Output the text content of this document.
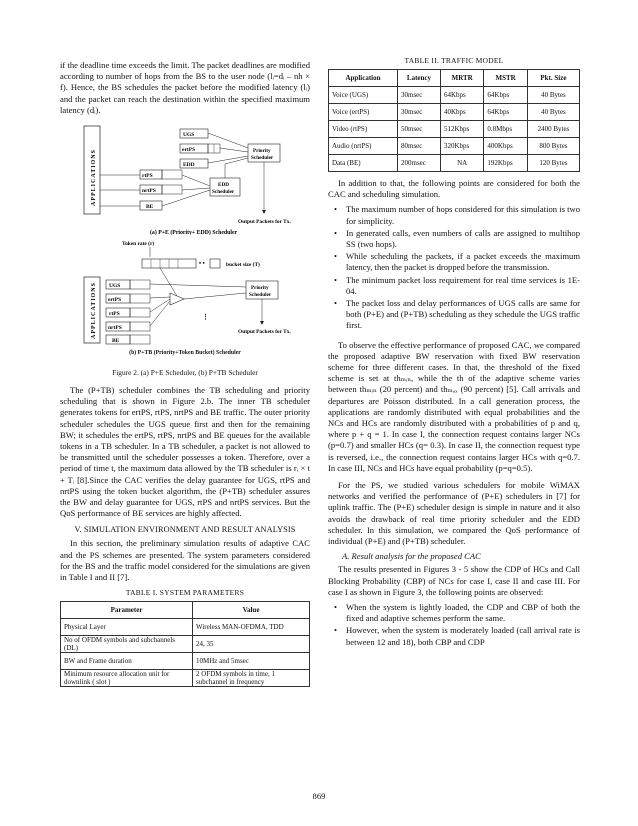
if the deadline time exceeds the limit. The packet deadlines are modified according to number of hops from the BS to the user node (lᵢ=dᵢ – nh × f). Hence, the BS schedules the packet before the modified latency (lᵢ) and the packet can reach the destination within the specified maximum latency (dᵢ).

APPLICATIONS
UGS
ertPS
EDD
Priority
Scheduler
rtPS
nrtPS
BE
EDD
Scheduler
Output Packets for Tx.
(a) P+E (Priority+ EDD) Scheduler
Token rate (r)
• •	bucket size (T)
APPLICATIONS UGS
ertPS
rtPS
nrtPS
BE
⋮
Priority
Scheduler
Output Packets for Tx.
(b) P+TB (Priority+Token Bucket) Scheduler
Figure 2. (a) P+E Scheduler, (b) P+TB Scheduler

The (P+TB) scheduler combines the TB scheduling and priority scheduling that is shown in Figure 2.b. The inner TB scheduler generates tokens for ertPS, rtPS, nrtPS and BE traffic. The outer priority scheduler schedules the UGS queue first and then for the remaining BW; it schedules the ertPS, rtPS, nrtPS and BE queues for the available tokens in a TB scheduler. In a TB scheduler, a packet is not allowed to be transmitted until the scheduler possesses a token. Therefore, over a period of time t, the maximum data allowed by the TB scheduler is rᵢ × t + Tᵢ [8].Since the CAC verifies the delay guarantee for UGS, rtPS and nrtPS using the token bucket algorithm, the (P+TB) scheduler assures the BW and delay guarantee for UGS, rtPS and nrtPS services. But the QoS performance of BE services are highly affected.

V. SIMULATION ENVIRONMENT AND RESULT ANALYSIS

In this section, the preliminary simulation results of adaptive CAC and the PS schemes are presented. The system parameters considered for the BS and the traffic model considered for the simulations are given in Table I and II [7].

TABLE I. SYSTEM PARAMETERS
Parameter	Value
Physical Layer	Wireless MAN-OFDMA, TDD
No of OFDM symbols and subchannels (DL)	24, 35
BW and Frame duration	10MHz and 5msec
Minimum resource allocation unit for downlink ( slot )	2 OFDM symbols in time, 1 subchannel in frequency
TABLE II. TRAFFIC MODEL
Application	Latency	MRTR	MSTR	Pkt. Size
Voice (UGS)	30msec	64Kbps	64Kbps	40 Bytes
Voice (ertPS)	30msec	40Kbps	64Kbps	40 Bytes
Video (rtPS)	50msec	512Kbps	0.8Mbps	2400 Bytes
Audio (nrtPS)	80msec	320Kbps	400Kbps	800 Bytes
Data (BE)	200msec	NA	192Kbps	120 Bytes

In addition to that, the following points are considered for both the CAC and scheduling simulation.

• The maximum number of hops considered for this simulation is two for simplicity.
• In generated calls, even numbers of calls are assigned to multihop SS (two hops).
• While scheduling the packets, if a packet exceeds the maximum latency, then the packet is dropped before the transmission.
• The minimum packet loss requirement for real time services is 1E-04.
• The packet loss and delay performances of UGS calls are same for both (P+E) and (P+TB) scheduling as they schedule the UGS traffic first.

To observe the effective performance of proposed CAC, we compared the proposed adaptive BW reservation with fixed BW reservation scheme for three different cases. In that, the threshold of the fixed scheme is set at thₘᵢₙ, while the th of the adaptive scheme varies between thₘᵢₙ (20 percent) and thₘₐₓ (90 percent) [5]. Call arrivals and departures are Poisson distributed. In a call generation process, the applications are randomly distributed with equal probabilities and the NCs and HCs are randomly distributed with a probabilities of p and q, where p + q = 1. In case I, the connection request contains larger NCs (p=0.7) and smaller HCs (q= 0.3). In case II, the connection request type is reversed, i.e., the connection request contains larger HCs with q=0.7. In case III, NCs and HCs have equal probability (p=q=0.5).

For the PS, we studied various schedulers for mobile WiMAX networks and verified the performance of (P+E) schedulers in [7] for uplink traffic. The (P+E) scheduler design is simple in nature and it also avoids the drawback of real time priority scheduler and the EDD scheduler. In this simulation, we compared the QoS performance of individual (P+E) and (P+TB) scheduler.

A. Result analysis for the proposed CAC

The results presented in Figures 3 - 5 show the CDP of HCs and Call Blocking Probability (CBP) of NCs for case I, case II and case III. For case I as shown in Figure 3, the following points are observed:

• When the system is lightly loaded, the CDP and CBP of both the fixed and adaptive schemes perform the same.
• However, when the system is moderately loaded (call arrival rate is between 12 and 18), both CBP and CDP
869
